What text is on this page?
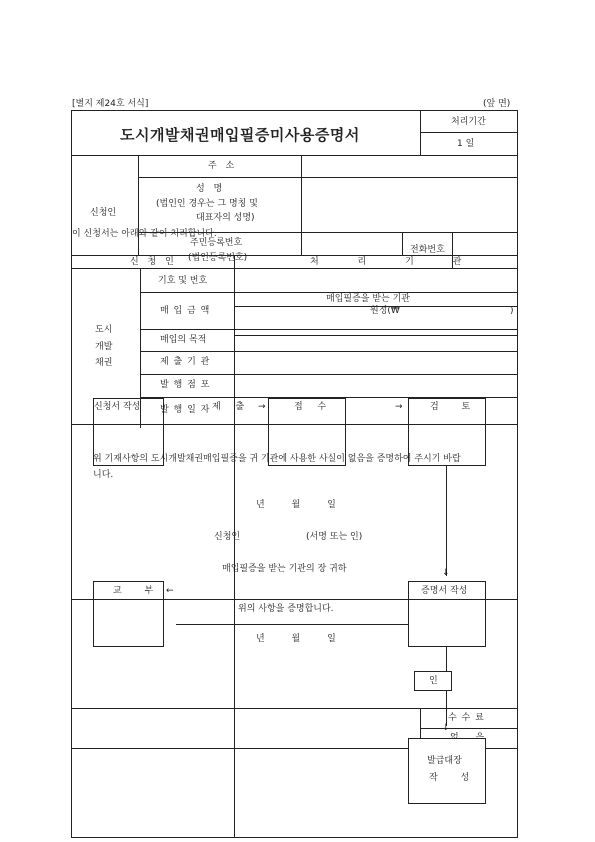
[별지 제24호 서식]	(앞 면)
도시개발채권매입필증미사용증명서
처리기간
1 일
신청인
주 소
성 명
(법인인 경우는 그 명칭 및
대표자의 성명)
이 신청서는 아래와 같이 처리합니다.
주민등록번호
(법인등록번호)
전화번호
신 청 인	처 리 기 관
도시
개발
채권
기호 및 번호
매 입 금 액
매입필증을 받는 기관
원정(₩	)
매입의 목적
제 출 기 관
발 행 점 포
발 행 일 자
신청서 작성	제 출 →	접 수	→	검 토
위 기재사항의 도시개발채권매입필증을 귀 기관에 사용한 사실이 없음을 증명하여 주시기 바랍
니다.
년 월 일
신청인	(서명 또는 인)
매입필증을 받는 기관의 장 귀하	↓
교 부 ←	증명서 작성
위의 사항을 증명합니다.
년 월 일
인
수 수 료
↓
발급대장
작 성
